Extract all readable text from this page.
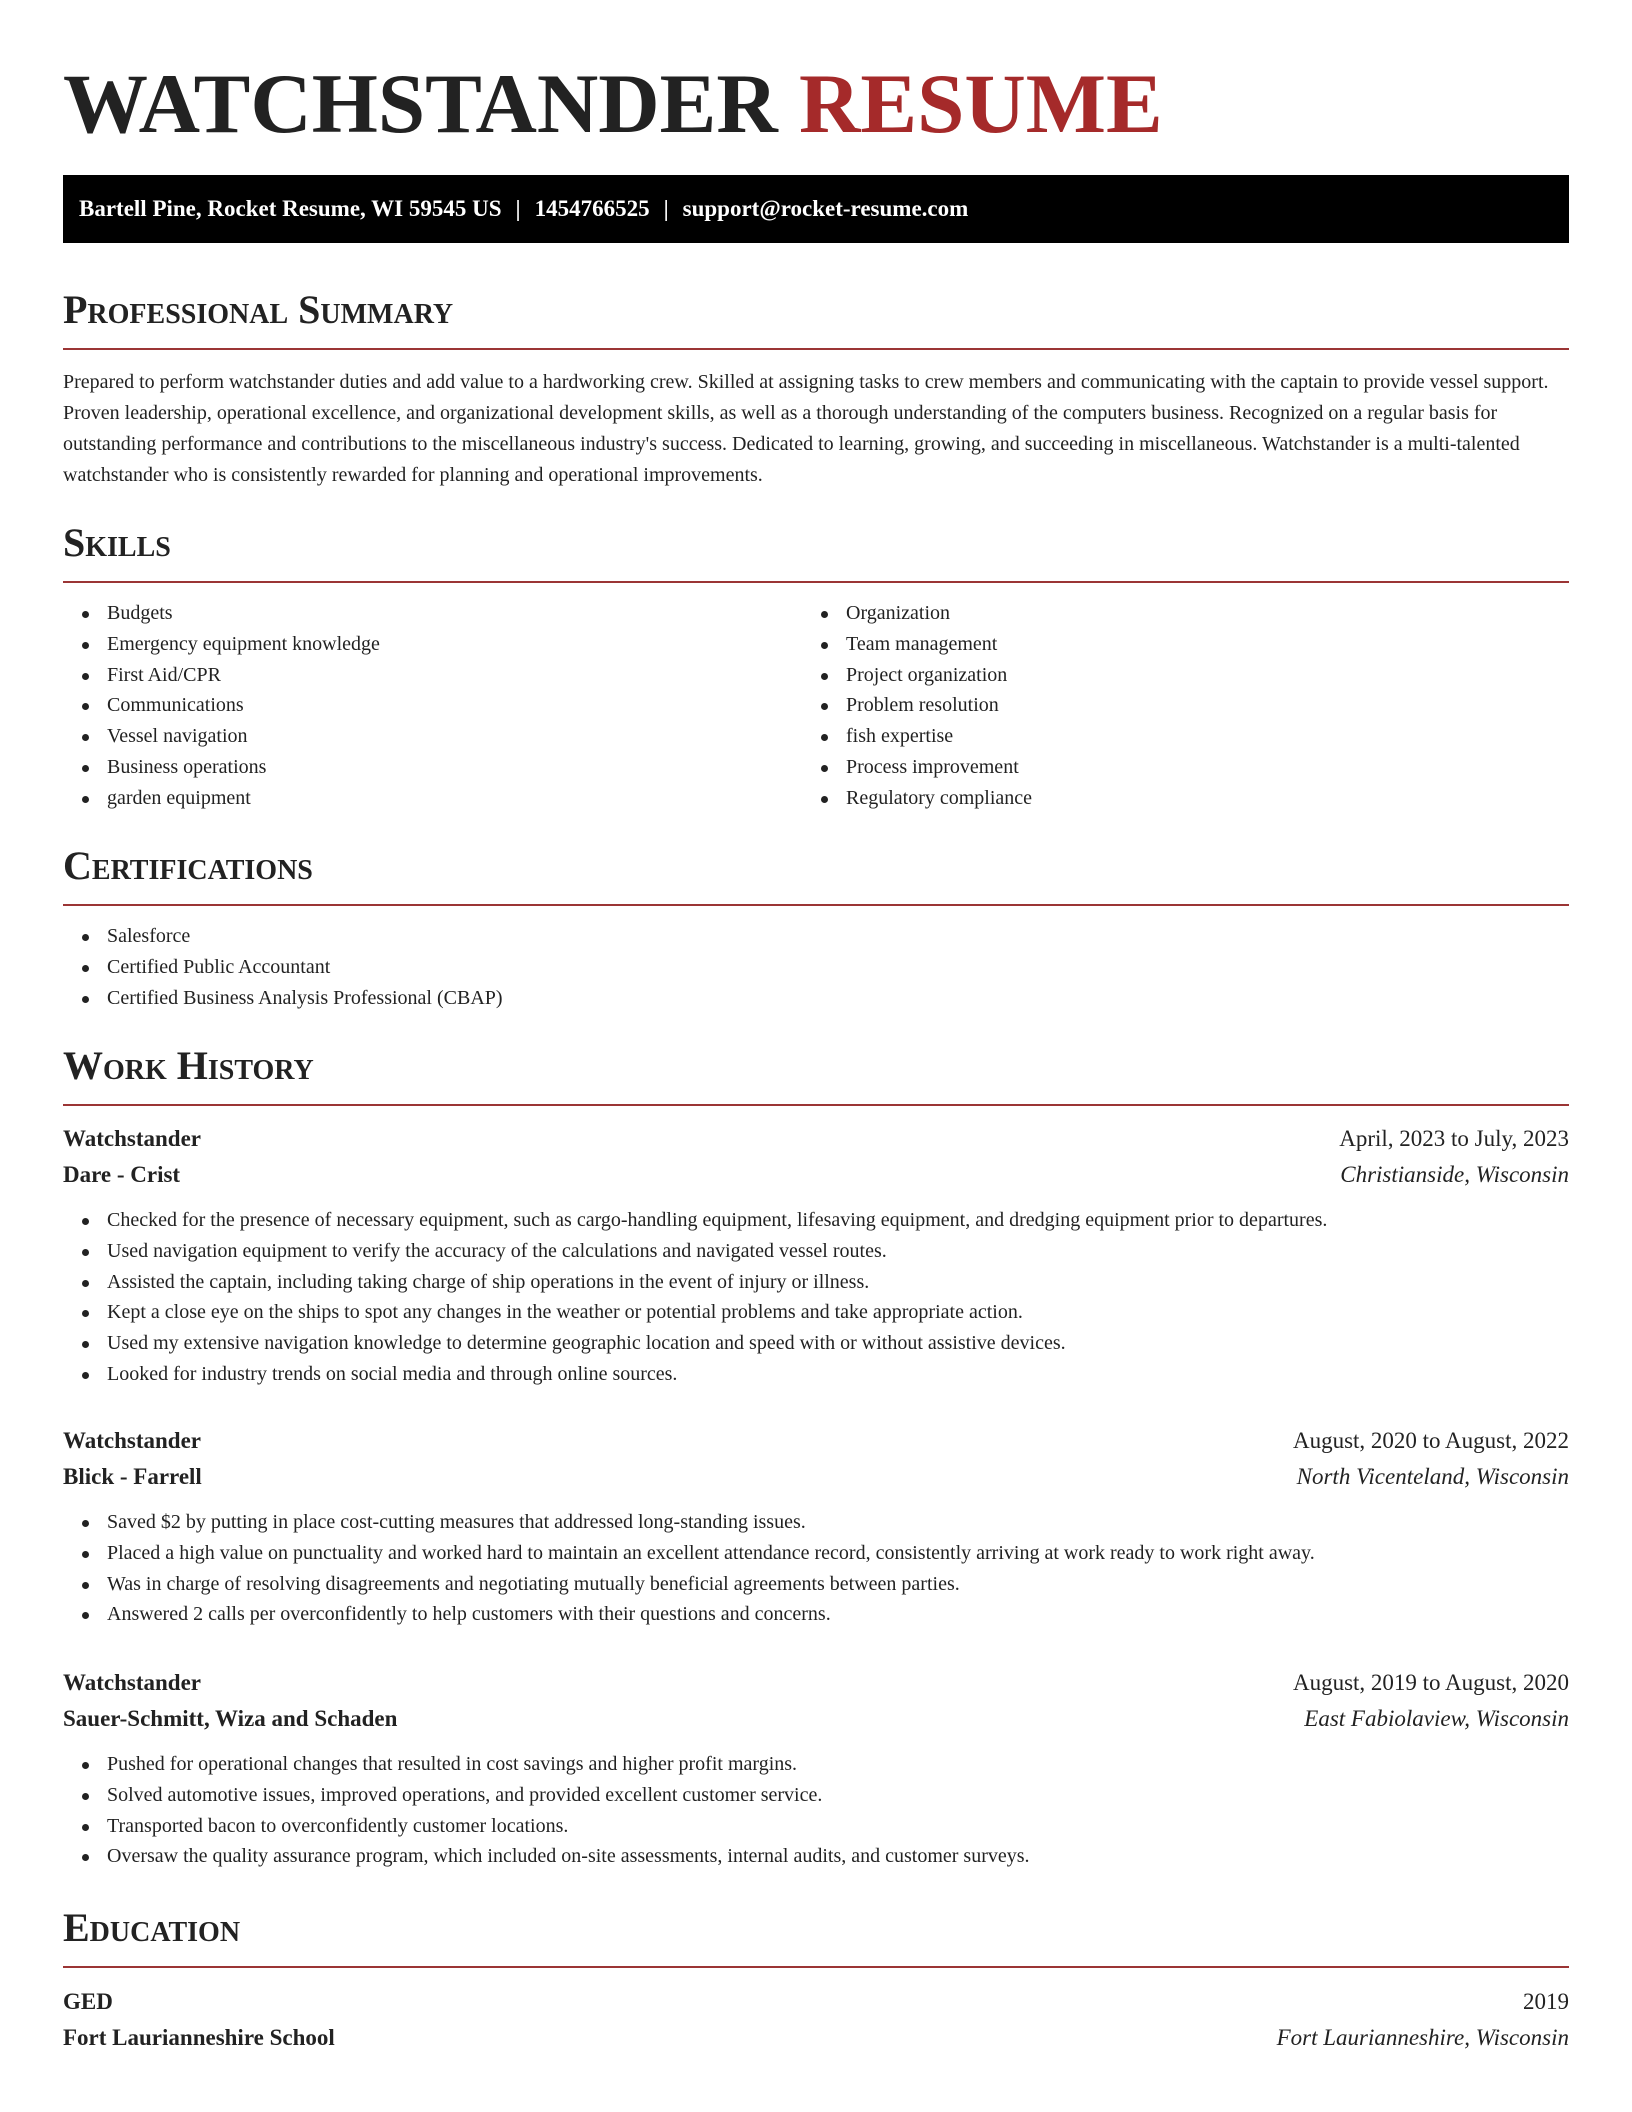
WATCHSTANDER RESUME
Bartell Pine, Rocket Resume, WI 59545 US | 1454766525 | support@rocket-resume.com
Professional Summary

Prepared to perform watchstander duties and add value to a hardworking crew. Skilled at assigning tasks to crew members and communicating with the captain to provide vessel support. Proven leadership, operational excellence, and organizational development skills, as well as a thorough understanding of the computers business. Recognized on a regular basis for outstanding performance and contributions to the miscellaneous industry's success. Dedicated to learning, growing, and succeeding in miscellaneous. Watchstander is a multi-talented watchstander who is consistently rewarded for planning and operational improvements.

Skills
Budgets
Emergency equipment knowledge
First Aid/CPR
Communications
Vessel navigation
Business operations
garden equipment
Organization
Team management
Project organization
Problem resolution
fish expertise
Process improvement
Regulatory compliance
Certifications
Salesforce
Certified Public Accountant
Certified Business Analysis Professional (CBAP)
Work History
Watchstander	April, 2023 to July, 2023
Dare - Crist	Christianside, Wisconsin
Checked for the presence of necessary equipment, such as cargo-handling equipment, lifesaving equipment, and dredging equipment prior to departures.
Used navigation equipment to verify the accuracy of the calculations and navigated vessel routes.
Assisted the captain, including taking charge of ship operations in the event of injury or illness.
Kept a close eye on the ships to spot any changes in the weather or potential problems and take appropriate action.
Used my extensive navigation knowledge to determine geographic location and speed with or without assistive devices.
Looked for industry trends on social media and through online sources.
Watchstander	August, 2020 to August, 2022
Blick - Farrell	North Vicenteland, Wisconsin
Saved $2 by putting in place cost-cutting measures that addressed long-standing issues.
Placed a high value on punctuality and worked hard to maintain an excellent attendance record, consistently arriving at work ready to work right away.
Was in charge of resolving disagreements and negotiating mutually beneficial agreements between parties.
Answered 2 calls per overconfidently to help customers with their questions and concerns.
Watchstander	August, 2019 to August, 2020
Sauer-Schmitt, Wiza and Schaden	East Fabiolaview, Wisconsin
Pushed for operational changes that resulted in cost savings and higher profit margins.
Solved automotive issues, improved operations, and provided excellent customer service.
Transported bacon to overconfidently customer locations.
Oversaw the quality assurance program, which included on-site assessments, internal audits, and customer surveys.
Education
GED	2019
Fort Laurianneshire School	Fort Laurianneshire, Wisconsin
